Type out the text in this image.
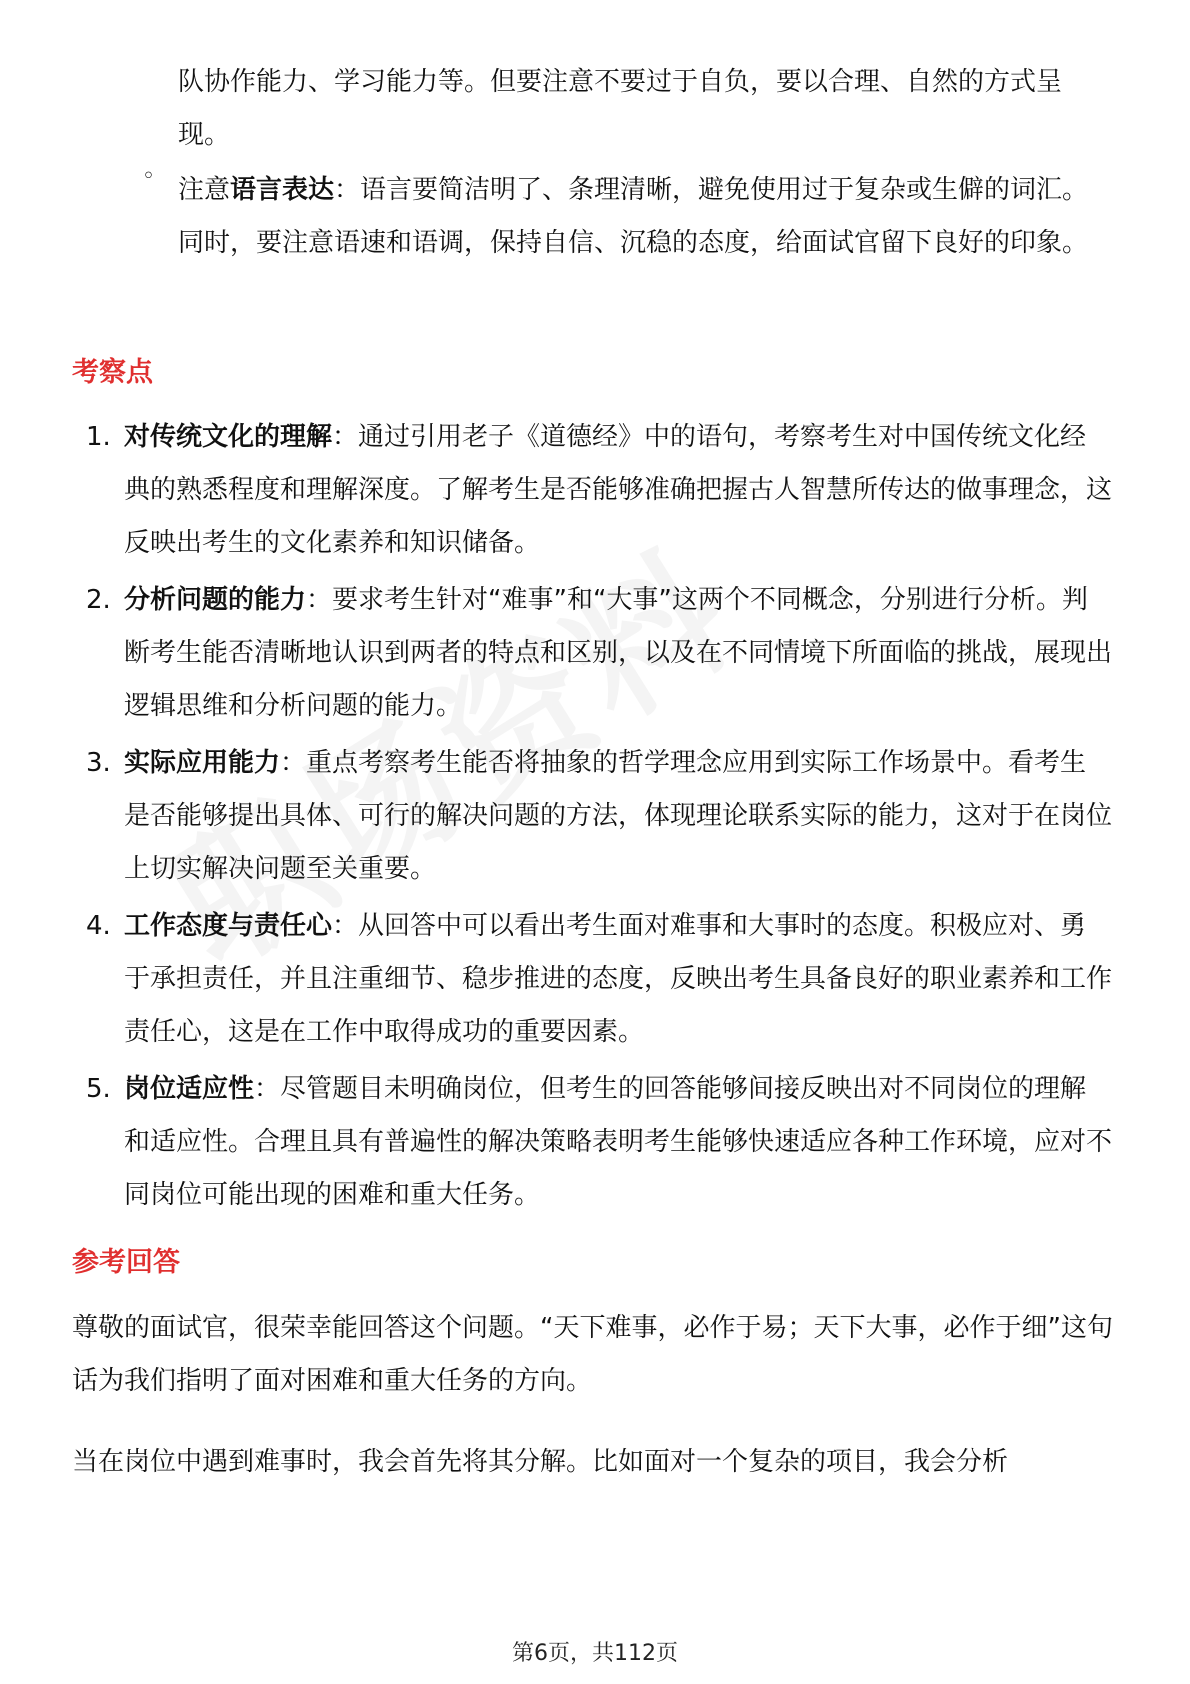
队协作能力、学习能力等。但要注意不要过于自负，要以合理、自然的方式呈现。

◦ 注意语言表达：语言要简洁明了、条理清晰，避免使用过于复杂或生僻的词汇。同时，要注意语速和语调，保持自信、沉稳的态度，给面试官留下良好的印象。

考察点
1. 对传统文化的理解：通过引用老子《道德经》中的语句，考察考生对中国传统文化经典的熟悉程度和理解深度。了解考生是否能够准确把握古人智慧所传达的做事理念，这反映出考生的文化素养和知识储备。

2. 分析问题的能力：要求考生针对“难事”和“大事”这两个不同概念，分别进行分析。判断考生能否清晰地认识到两者的特点和区别，以及在不同情境下所面临的挑战，展现出逻辑思维和分析问题的能力。

3. 实际应用能力：重点考察考生能否将抽象的哲学理念应用到实际工作场景中。看考生是否能够提出具体、可行的解决问题的方法，体现理论联系实际的能力，这对于在岗位上切实解决问题至关重要。

4. 工作态度与责任心：从回答中可以看出考生面对难事和大事时的态度。积极应对、勇于承担责任，并且注重细节、稳步推进的态度，反映出考生具备良好的职业素养和工作责任心，这是在工作中取得成功的重要因素。

5. 岗位适应性：尽管题目未明确岗位，但考生的回答能够间接反映出对不同岗位的理解和适应性。合理且具有普遍性的解决策略表明考生能够快速适应各种工作环境，应对不同岗位可能出现的困难和重大任务。

参考回答

尊敬的面试官，很荣幸能回答这个问题。“天下难事，必作于易；天下大事，必作于细”这句话为我们指明了面对困难和重大任务的方向。

当在岗位中遇到难事时，我会首先将其分解。比如面对一个复杂的项目，我会分析

第6页，共112页
